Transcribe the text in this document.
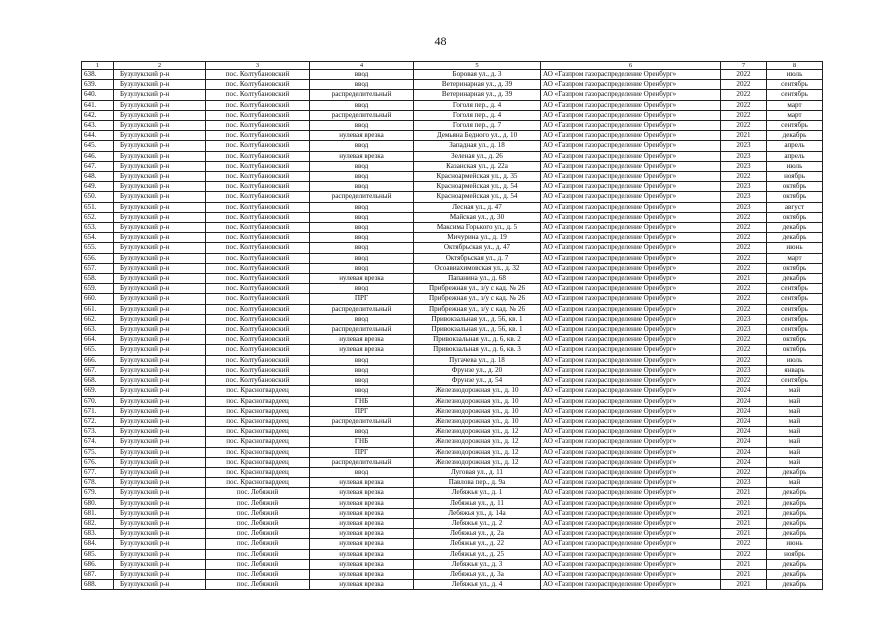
48
1	2	3	4	5	6	7	8
638.	Бузулукский р-н	пос. Колтубановский	ввод	Боровая ул., д. 3	АО «Газпром газораспределение Оренбург»	2022	июль
639.	Бузулукский р-н	пос. Колтубановский	ввод	Ветеринарная ул., д. 39	АО «Газпром газораспределение Оренбург»	2022	сентябрь
640.	Бузулукский р-н	пос. Колтубановский	распределительный	Ветеринарная ул., д. 39	АО «Газпром газораспределение Оренбург»	2022	сентябрь
641.	Бузулукский р-н	пос. Колтубановский	ввод	Гоголя пер., д. 4	АО «Газпром газораспределение Оренбург»	2022	март
642.	Бузулукский р-н	пос. Колтубановский	распределительный	Гоголя пер., д. 4	АО «Газпром газораспределение Оренбург»	2022	март
643.	Бузулукский р-н	пос. Колтубановский	ввод	Гоголя пер., д. 7	АО «Газпром газораспределение Оренбург»	2022	сентябрь
644.	Бузулукский р-н	пос. Колтубановский	нулевая врезка	Демьяна Бедного ул., д. 10	АО «Газпром газораспределение Оренбург»	2021	декабрь
645.	Бузулукский р-н	пос. Колтубановский	ввод	Западная ул., д. 18	АО «Газпром газораспределение Оренбург»	2023	апрель
646.	Бузулукский р-н	пос. Колтубановский	нулевая врезка	Зеленая ул., д. 26	АО «Газпром газораспределение Оренбург»	2023	апрель
647.	Бузулукский р-н	пос. Колтубановский	ввод	Казанская ул., д. 22а	АО «Газпром газораспределение Оренбург»	2023	июль
648.	Бузулукский р-н	пос. Колтубановский	ввод	Красноармейская ул., д. 35	АО «Газпром газораспределение Оренбург»	2022	ноябрь
649.	Бузулукский р-н	пос. Колтубановский	ввод	Красноармейская ул., д. 54	АО «Газпром газораспределение Оренбург»	2023	октябрь
650.	Бузулукский р-н	пос. Колтубановский	распределительный	Красноармейская ул., д. 54	АО «Газпром газораспределение Оренбург»	2023	октябрь
651.	Бузулукский р-н	пос. Колтубановский	ввод	Лесная ул., д. 47	АО «Газпром газораспределение Оренбург»	2023	август
652.	Бузулукский р-н	пос. Колтубановский	ввод	Майская ул., д. 30	АО «Газпром газораспределение Оренбург»	2022	октябрь
653.	Бузулукский р-н	пос. Колтубановский	ввод	Максима Горького ул., д. 5	АО «Газпром газораспределение Оренбург»	2022	декабрь
654.	Бузулукский р-н	пос. Колтубановский	ввод	Мичурина ул., д. 19	АО «Газпром газораспределение Оренбург»	2022	декабрь
655.	Бузулукский р-н	пос. Колтубановский	ввод	Октябрьская ул., д. 47	АО «Газпром газораспределение Оренбург»	2022	июнь
656.	Бузулукский р-н	пос. Колтубановский	ввод	Октябрьская ул., д. 7	АО «Газпром газораспределение Оренбург»	2022	март
657.	Бузулукский р-н	пос. Колтубановский	ввод	Осоавиахимовская ул., д. 32	АО «Газпром газораспределение Оренбург»	2022	октябрь
658.	Бузулукский р-н	пос. Колтубановский	нулевая врезка	Папанина ул., д. 68	АО «Газпром газораспределение Оренбург»	2021	декабрь
659.	Бузулукский р-н	пос. Колтубановский	ввод	Прибрежная ул., з/у с кад. № 26	АО «Газпром газораспределение Оренбург»	2022	сентябрь
660.	Бузулукский р-н	пос. Колтубановский	ПРГ	Прибрежная ул., з/у с кад. № 26	АО «Газпром газораспределение Оренбург»	2022	сентябрь
661.	Бузулукский р-н	пос. Колтубановский	распределительный	Прибрежная ул., з/у с кад. № 26	АО «Газпром газораспределение Оренбург»	2022	сентябрь
662.	Бузулукский р-н	пос. Колтубановский	ввод	Привокзальная ул., д. 56, кв. 1	АО «Газпром газораспределение Оренбург»	2023	сентябрь
663.	Бузулукский р-н	пос. Колтубановский	распределительный	Привокзальная ул., д. 56, кв. 1	АО «Газпром газораспределение Оренбург»	2023	сентябрь
664.	Бузулукский р-н	пос. Колтубановский	нулевая врезка	Привокзальная ул., д. 6, кв. 2	АО «Газпром газораспределение Оренбург»	2022	октябрь
665.	Бузулукский р-н	пос. Колтубановский	нулевая врезка	Привокзальная ул., д. 6, кв. 3	АО «Газпром газораспределение Оренбург»	2022	октябрь
666.	Бузулукский р-н	пос. Колтубановский	ввод	Пугачева ул., д. 18	АО «Газпром газораспределение Оренбург»	2022	июль
667.	Бузулукский р-н	пос. Колтубановский	ввод	Фрунзе ул., д. 20	АО «Газпром газораспределение Оренбург»	2023	январь
668.	Бузулукский р-н	пос. Колтубановский	ввод	Фрунзе ул., д. 54	АО «Газпром газораспределение Оренбург»	2022	сентябрь
669.	Бузулукский р-н	пос. Красногвардеец	ввод	Железнодорожная ул., д. 10	АО «Газпром газораспределение Оренбург»	2024	май
670.	Бузулукский р-н	пос. Красногвардеец	ГНБ	Железнодорожная ул., д. 10	АО «Газпром газораспределение Оренбург»	2024	май
671.	Бузулукский р-н	пос. Красногвардеец	ПРГ	Железнодорожная ул., д. 10	АО «Газпром газораспределение Оренбург»	2024	май
672.	Бузулукский р-н	пос. Красногвардеец	распределительный	Железнодорожная ул., д. 10	АО «Газпром газораспределение Оренбург»	2024	май
673.	Бузулукский р-н	пос. Красногвардеец	ввод	Железнодорожная ул., д. 12	АО «Газпром газораспределение Оренбург»	2024	май
674.	Бузулукский р-н	пос. Красногвардеец	ГНБ	Железнодорожная ул., д. 12	АО «Газпром газораспределение Оренбург»	2024	май
675.	Бузулукский р-н	пос. Красногвардеец	ПРГ	Железнодорожная ул., д. 12	АО «Газпром газораспределение Оренбург»	2024	май
676.	Бузулукский р-н	пос. Красногвардеец	распределительный	Железнодорожная ул., д. 12	АО «Газпром газораспределение Оренбург»	2024	май
677.	Бузулукский р-н	пос. Красногвардеец	ввод	Луговая ул., д. 11	АО «Газпром газораспределение Оренбург»	2022	декабрь
678.	Бузулукский р-н	пос. Красногвардеец	нулевая врезка	Павлова пер., д. 9а	АО «Газпром газораспределение Оренбург»	2023	май
679.	Бузулукский р-н	пос. Лебяжий	нулевая врезка	Лебяжья ул., д. 1	АО «Газпром газораспределение Оренбург»	2021	декабрь
680.	Бузулукский р-н	пос. Лебяжий	нулевая врезка	Лебяжья ул., д. 11	АО «Газпром газораспределение Оренбург»	2021	декабрь
681.	Бузулукский р-н	пос. Лебяжий	нулевая врезка	Лебяжья ул., д. 14а	АО «Газпром газораспределение Оренбург»	2021	декабрь
682.	Бузулукский р-н	пос. Лебяжий	нулевая врезка	Лебяжья ул., д. 2	АО «Газпром газораспределение Оренбург»	2021	декабрь
683.	Бузулукский р-н	пос. Лебяжий	нулевая врезка	Лебяжья ул., д. 2а	АО «Газпром газораспределение Оренбург»	2021	декабрь
684.	Бузулукский р-н	пос. Лебяжий	нулевая врезка	Лебяжья ул., д. 22	АО «Газпром газораспределение Оренбург»	2022	июнь
685.	Бузулукский р-н	пос. Лебяжий	нулевая врезка	Лебяжья ул., д. 25	АО «Газпром газораспределение Оренбург»	2022	ноябрь
686.	Бузулукский р-н	пос. Лебяжий	нулевая врезка	Лебяжья ул., д. 3	АО «Газпром газораспределение Оренбург»	2021	декабрь
687.	Бузулукский р-н	пос. Лебяжий	нулевая врезка	Лебяжья ул., д. 3а	АО «Газпром газораспределение Оренбург»	2021	декабрь
688.	Бузулукский р-н	пос. Лебяжий	нулевая врезка	Лебяжья ул., д. 4	АО «Газпром газораспределение Оренбург»	2021	декабрь
